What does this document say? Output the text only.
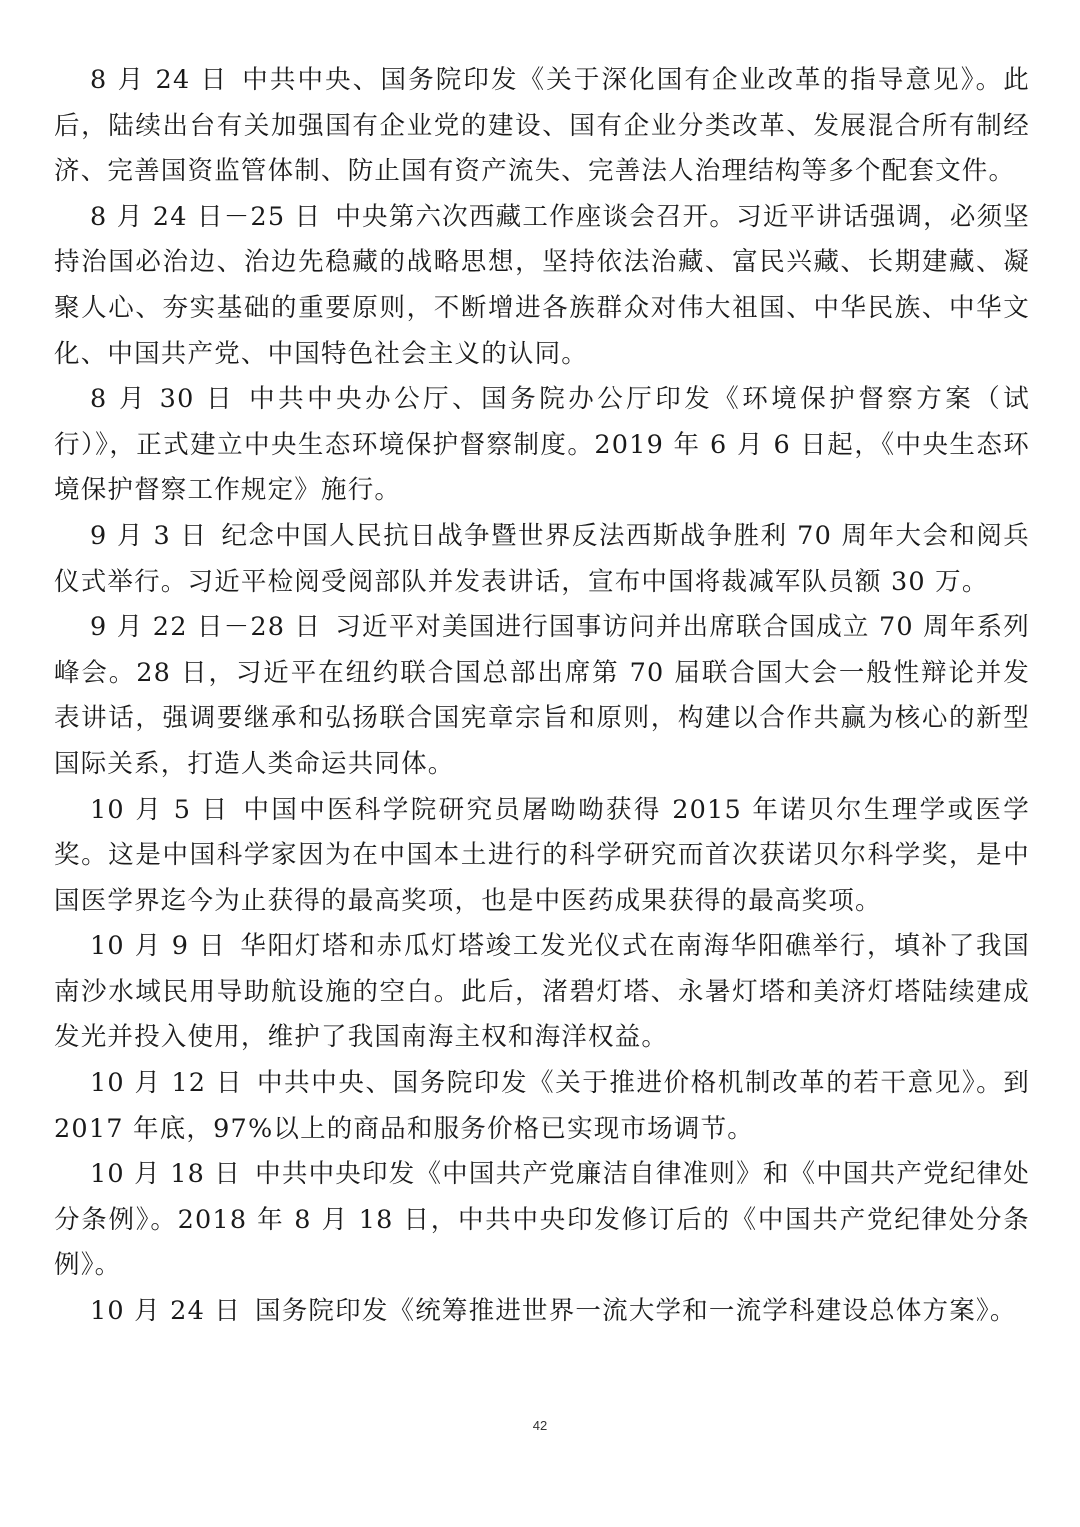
8 月 24 日 中共中央、国务院印发《关于深化国有企业改革的指导意见》。此后，陆续出台有关加强国有企业党的建设、国有企业分类改革、发展混合所有制经济、完善国资监管体制、防止国有资产流失、完善法人治理结构等多个配套文件。

8 月 24 日－25 日 中央第六次西藏工作座谈会召开。习近平讲话强调，必须坚持治国必治边、治边先稳藏的战略思想，坚持依法治藏、富民兴藏、长期建藏、凝聚人心、夯实基础的重要原则，不断增进各族群众对伟大祖国、中华民族、中华文化、中国共产党、中国特色社会主义的认同。

8 月 30 日 中共中央办公厅、国务院办公厅印发《环境保护督察方案（试行）》，正式建立中央生态环境保护督察制度。2019 年 6 月 6 日起，《中央生态环境保护督察工作规定》施行。

9 月 3 日 纪念中国人民抗日战争暨世界反法西斯战争胜利 70 周年大会和阅兵仪式举行。习近平检阅受阅部队并发表讲话，宣布中国将裁减军队员额 30 万。

9 月 22 日－28 日 习近平对美国进行国事访问并出席联合国成立 70 周年系列峰会。28 日，习近平在纽约联合国总部出席第 70 届联合国大会一般性辩论并发表讲话，强调要继承和弘扬联合国宪章宗旨和原则，构建以合作共赢为核心的新型国际关系，打造人类命运共同体。

10 月 5 日 中国中医科学院研究员屠呦呦获得 2015 年诺贝尔生理学或医学奖。这是中国科学家因为在中国本土进行的科学研究而首次获诺贝尔科学奖，是中国医学界迄今为止获得的最高奖项，也是中医药成果获得的最高奖项。

10 月 9 日 华阳灯塔和赤瓜灯塔竣工发光仪式在南海华阳礁举行，填补了我国南沙水域民用导助航设施的空白。此后，渚碧灯塔、永暑灯塔和美济灯塔陆续建成发光并投入使用，维护了我国南海主权和海洋权益。

10 月 12 日 中共中央、国务院印发《关于推进价格机制改革的若干意见》。到 2017 年底，97%以上的商品和服务价格已实现市场调节。

10 月 18 日 中共中央印发《中国共产党廉洁自律准则》和《中国共产党纪律处分条例》。2018 年 8 月 18 日，中共中央印发修订后的《中国共产党纪律处分条例》。

10 月 24 日 国务院印发《统筹推进世界一流大学和一流学科建设总体方案》。

42
